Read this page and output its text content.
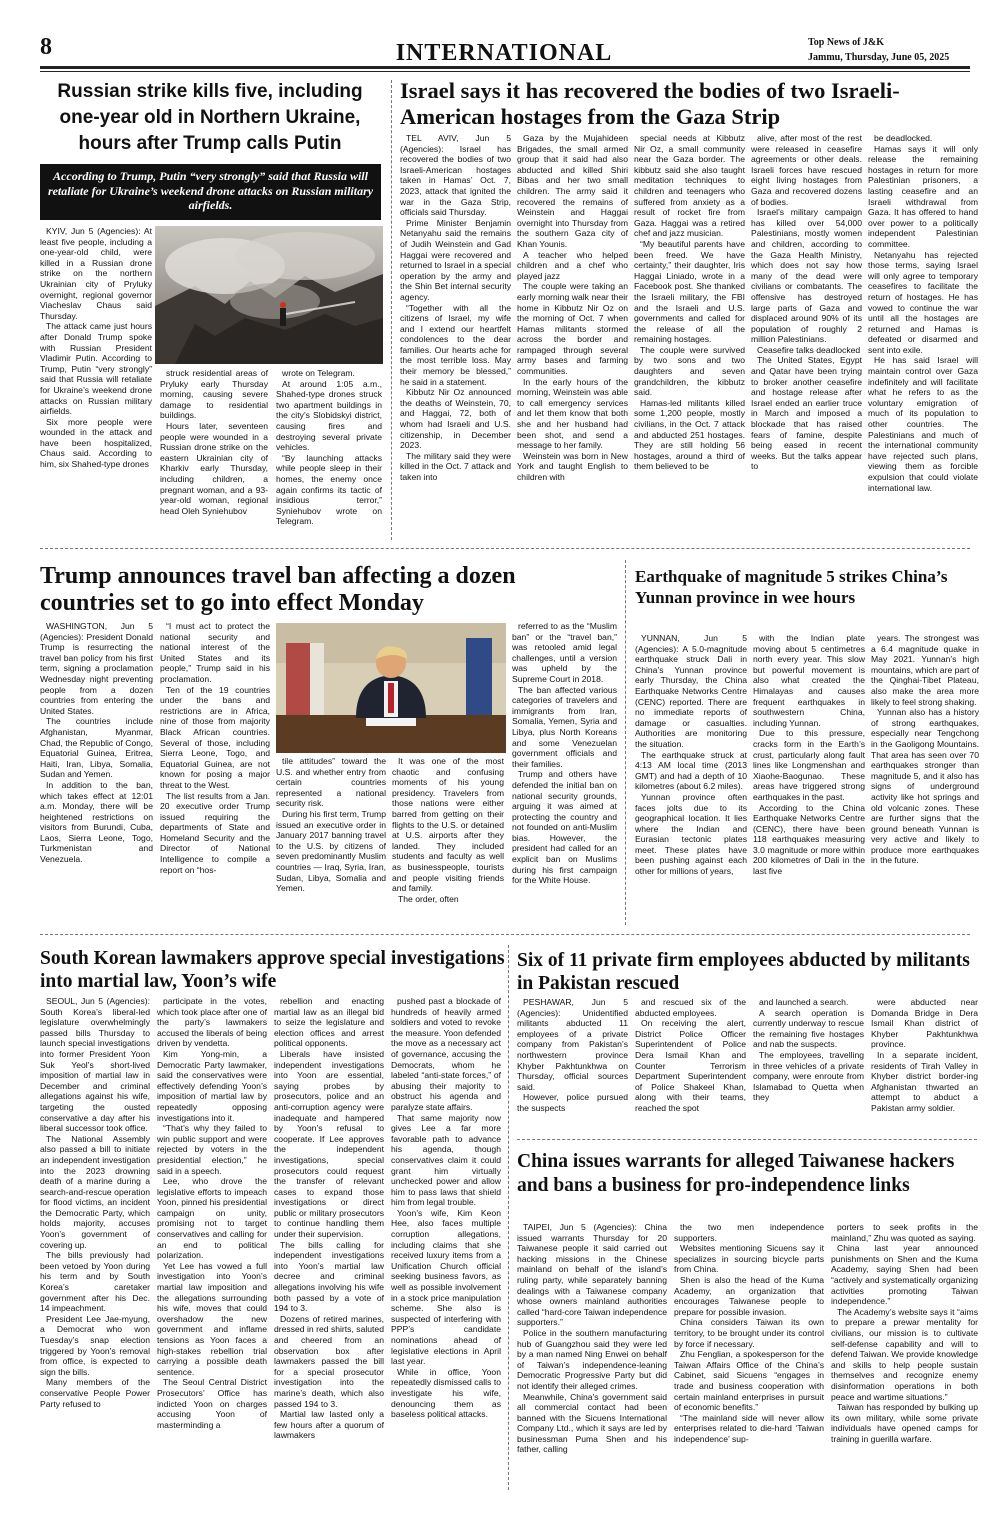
8	INTERNATIONAL	Top News of J&K
Jammu, Thursday, June 05, 2025
Russian strike kills five, including one-year old in Northern Ukraine, hours after Trump calls Putin
According to Trump, Putin “very strongly” said that Russia will retaliate for Ukraine’s weekend drone attacks on Russian military airfields.

KYIV, Jun 5 (Agencies): At least five people, including a one-year-old child, were killed in a Russian drone strike on the northern Ukrainian city of Pryluky overnight, regional governor Viacheslav Chaus said Thursday.

The attack came just hours after Donald Trump spoke with Russian President Vladimir Putin. According to Trump, Putin “very strongly” said that Russia will retaliate for Ukraine’s weekend drone attacks on Russian military airfields.

Six more people were wounded in the attack and have been hospitalized, Chaus said. According to him, six Shahed-type drones

struck residential areas of Pryluky early Thursday morning, causing severe damage to residential buildings.

Hours later, seventeen people were wounded in a Russian drone strike on the eastern Ukrainian city of Kharkiv early Thursday, including children, a pregnant woman, and a 93-year-old woman, regional head Oleh Syniehubov

wrote on Telegram.

At around 1:05 a.m., Shahed-type drones struck two apartment buildings in the city’s Slobidskyi district, causing fires and destroying several private vehicles.

“By launching attacks while people sleep in their homes, the enemy once again confirms its tactic of insidious terror,” Syniehubov wrote on Telegram.

Israel says it has recovered the bodies of two Israeli-American hostages from the Gaza Strip

TEL AVIV, Jun 5 (Agencies): Israel has recovered the bodies of two Israeli-American hostages taken in Hamas’ Oct. 7, 2023, attack that ignited the war in the Gaza Strip, officials said Thursday.

Prime Minister Benjamin Netanyahu said the remains of Judih Weinstein and Gad Haggai were recovered and returned to Israel in a special operation by the army and the Shin Bet internal security agency.

“Together with all the citizens of Israel, my wife and I extend our heartfelt condolences to the dear families. Our hearts ache for the most terrible loss. May their memory be blessed,” he said in a statement.

Kibbutz Nir Oz announced the deaths of Weinstein, 70, and Haggai, 72, both of whom had Israeli and U.S. citizenship, in December 2023.

The military said they were killed in the Oct. 7 attack and taken into

Gaza by the Mujahideen Brigades, the small armed group that it said had also abducted and killed Shiri Bibas and her two small children. The army said it recovered the remains of Weinstein and Haggai overnight into Thursday from the southern Gaza city of Khan Younis.

A teacher who helped children and a chef who played jazz

The couple were taking an early morning walk near their home in Kibbutz Nir Oz on the morning of Oct. 7 when Hamas militants stormed across the border and rampaged through several army bases and farming communities.

In the early hours of the morning, Weinstein was able to call emergency services and let them know that both she and her husband had been shot, and send a message to her family.

Weinstein was born in New York and taught English to children with

special needs at Kibbutz Nir Oz, a small community near the Gaza border. The kibbutz said she also taught meditation techniques to children and teenagers who suffered from anxiety as a result of rocket fire from Gaza. Haggai was a retired chef and jazz musician.

“My beautiful parents have been freed. We have certainty,” their daughter, Iris Haggai Liniado, wrote in a Facebook post. She thanked the Israeli military, the FBI and the Israeli and U.S. governments and called for the release of all the remaining hostages.

The couple were survived by two sons and two daughters and seven grandchildren, the kibbutz said.

Hamas-led militants killed some 1,200 people, mostly civilians, in the Oct. 7 attack and abducted 251 hostages. They are still holding 56 hostages, around a third of them believed to be

alive, after most of the rest were released in ceasefire agreements or other deals. Israeli forces have rescued eight living hostages from Gaza and recovered dozens of bodies.

Israel’s military campaign has killed over 54,000 Palestinians, mostly women and children, according to the Gaza Health Ministry, which does not say how many of the dead were civilians or combatants. The offensive has destroyed large parts of Gaza and displaced around 90% of its population of roughly 2 million Palestinians.

Ceasefire talks deadlocked

The United States, Egypt and Qatar have been trying to broker another ceasefire and hostage release after Israel ended an earlier truce in March and imposed a blockade that has raised fears of famine, despite being eased in recent weeks. But the talks appear to

be deadlocked.

Hamas says it will only release the remaining hostages in return for more Palestinian prisoners, a lasting ceasefire and an Israeli withdrawal from Gaza. It has offered to hand over power to a politically independent Palestinian committee.

Netanyahu has rejected those terms, saying Israel will only agree to temporary ceasefires to facilitate the return of hostages. He has vowed to continue the war until all the hostages are returned and Hamas is defeated or disarmed and sent into exile.

He has said Israel will maintain control over Gaza indefinitely and will facilitate what he refers to as the voluntary emigration of much of its population to other countries. The Palestinians and much of the international community have rejected such plans, viewing them as forcible expulsion that could violate international law.

Trump announces travel ban affecting a dozen countries set to go into effect Monday

WASHINGTON, Jun 5 (Agencies): President Donald Trump is resurrecting the travel ban policy from his first term, signing a proclamation Wednesday night preventing people from a dozen countries from entering the United States.

The countries include Afghanistan, Myanmar, Chad, the Republic of Congo, Equatorial Guinea, Eritrea, Haiti, Iran, Libya, Somalia, Sudan and Yemen.

In addition to the ban, which takes effect at 12:01 a.m. Monday, there will be heightened restrictions on visitors from Burundi, Cuba, Laos, Sierra Leone, Togo, Turkmenistan and Venezuela.

“I must act to protect the national security and national interest of the United States and its people,” Trump said in his proclamation.

Ten of the 19 countries under the bans and restrictions are in Africa, nine of those from majority Black African countries. Several of those, including Sierra Leone, Togo, and Equatorial Guinea, are not known for posing a major threat to the West.

The list results from a Jan. 20 executive order Trump issued requiring the departments of State and Homeland Security and the Director of National Intelligence to compile a report on “hos-

tile attitudes” toward the U.S. and whether entry from certain countries represented a national security risk.

During his first term, Trump issued an executive order in January 2017 banning travel to the U.S. by citizens of seven predominantly Muslim countries — Iraq, Syria, Iran, Sudan, Libya, Somalia and Yemen.

It was one of the most chaotic and confusing moments of his young presidency. Travelers from those nations were either barred from getting on their flights to the U.S. or detained at U.S. airports after they landed. They included students and faculty as well as businesspeople, tourists and people visiting friends and family.

The order, often

referred to as the “Muslim ban” or the “travel ban,” was retooled amid legal challenges, until a version was upheld by the Supreme Court in 2018.

The ban affected various categories of travelers and immigrants from Iran, Somalia, Yemen, Syria and Libya, plus North Koreans and some Venezuelan government officials and their families.

Trump and others have defended the initial ban on national security grounds, arguing it was aimed at protecting the country and not founded on anti-Muslim bias. However, the president had called for an explicit ban on Muslims during his first campaign for the White House.

Earthquake of magnitude 5 strikes China’s Yunnan province in wee hours

YUNNAN, Jun 5 (Agencies): A 5.0-magnitude earthquake struck Dali in China’s Yunnan province early Thursday, the China Earthquake Networks Centre (CENC) reported. There are no immediate reports of damage or casualties. Authorities are monitoring the situation.

The earthquake struck at 4:13 AM local time (2013 GMT) and had a depth of 10 kilometres (about 6.2 miles).

Yunnan province often faces jolts due to its geographical location. It lies where the Indian and Eurasian tectonic plates meet. These plates have been pushing against each other for millions of years,

with the Indian plate moving about 5 centimetres north every year. This slow but powerful movement is also what created the Himalayas and causes frequent earthquakes in southwestern China, including Yunnan.

Due to this pressure, cracks form in the Earth’s crust, particularly along fault lines like Longmenshan and Xiaohe-Baogunao. These areas have triggered strong earthquakes in the past.

According to the China Earthquake Networks Centre (CENC), there have been 118 earthquakes measuring 3.0 magnitude or more within 200 kilometres of Dali in the last five

years. The strongest was a 6.4 magnitude quake in May 2021. Yunnan’s high mountains, which are part of the Qinghai-Tibet Plateau, also make the area more likely to feel strong shaking.

Yunnan also has a history of strong earthquakes, especially near Tengchong in the Gaoligong Mountains. That area has seen over 70 earthquakes stronger than magnitude 5, and it also has signs of underground activity like hot springs and old volcanic zones. These are further signs that the ground beneath Yunnan is very active and likely to produce more earthquakes in the future.

South Korean lawmakers approve special investigations into martial law, Yoon’s wife

SEOUL, Jun 5 (Agencies): South Korea’s liberal-led legislature overwhelmingly passed bills Thursday to launch special investigations into former President Yoon Suk Yeol’s short-lived imposition of martial law in December and criminal allegations against his wife, targeting the ousted conservative a day after his liberal successor took office.

The National Assembly also passed a bill to initiate an independent investigation into the 2023 drowning death of a marine during a search-and-rescue operation for flood victims, an incident the Democratic Party, which holds majority, accuses Yoon’s government of covering up.

The bills previously had been vetoed by Yoon during his term and by South Korea’s caretaker government after his Dec. 14 impeachment.

President Lee Jae-myung, a Democrat who won Tuesday’s snap election triggered by Yoon’s removal from office, is expected to sign the bills.

Many members of the conservative People Power Party refused to

participate in the votes, which took place after one of the party’s lawmakers accused the liberals of being driven by vendetta.

Kim Yong-min, a Democratic Party lawmaker, said the conservatives were effectively defending Yoon’s imposition of martial law by repeatedly opposing investigations into it.

“That’s why they failed to win public support and were rejected by voters in the presidential election,” he said in a speech.

Lee, who drove the legislative efforts to impeach Yoon, pinned his presidential campaign on unity, promising not to target conservatives and calling for an end to political polarization.

Yet Lee has vowed a full investigation into Yoon’s martial law imposition and the allegations surrounding his wife, moves that could overshadow the new government and inflame tensions as Yoon faces a high-stakes rebellion trial carrying a possible death sentence.

The Seoul Central District Prosecutors’ Office has indicted Yoon on charges accusing Yoon of masterminding a

rebellion and enacting martial law as an illegal bid to seize the legislature and election offices and arrest political opponents.

Liberals have insisted independent investigations into Yoon are essential, saying probes by prosecutors, police and an anti-corruption agency were inadequate and hampered by Yoon’s refusal to cooperate. If Lee approves the independent investigations, special prosecutors could request the transfer of relevant cases to expand those investigations or direct public or military prosecutors to continue handling them under their supervision.

The bills calling for independent investigations into Yoon’s martial law decree and criminal allegations involving his wife both passed by a vote of 194 to 3.

Dozens of retired marines, dressed in red shirts, saluted and cheered from an observation box after lawmakers passed the bill for a special prosecutor investigation into the marine’s death, which also passed 194 to 3.

Martial law lasted only a few hours after a quorum of lawmakers

pushed past a blockade of hundreds of heavily armed soldiers and voted to revoke the measure. Yoon defended the move as a necessary act of governance, accusing the Democrats, whom he labeled “anti-state forces,” of abusing their majority to obstruct his agenda and paralyze state affairs.

That same majority now gives Lee a far more favorable path to advance his agenda, though conservatives claim it could grant him virtually unchecked power and allow him to pass laws that shield him from legal trouble.

Yoon’s wife, Kim Keon Hee, also faces multiple corruption allegations, including claims that she received luxury items from a Unification Church official seeking business favors, as well as possible involvement in a stock price manipulation scheme. She also is suspected of interfering with PPP’s candidate nominations ahead of legislative elections in April last year.

While in office, Yoon repeatedly dismissed calls to investigate his wife, denouncing them as baseless political attacks.

Six of 11 private firm employees abducted by militants in Pakistan rescued

PESHAWAR, Jun 5 (Agencies): Unidentified militants abducted 11 employees of a private company from Pakistan’s northwestern province Khyber Pakhtunkhwa on Thursday, official sources said.

However, police pursued the suspects

and rescued six of the abducted employees.

On receiving the alert, District Police Officer Superintendent of Police Dera Ismail Khan and Counter Terrorism Department Superintendent of Police Shakeel Khan, along with their teams, reached the spot

and launched a search.

A search operation is currently underway to rescue the remaining five hostages and nab the suspects.

The employees, travelling in three vehicles of a private company, were enroute from Islamabad to Quetta when they

were abducted near Domanda Bridge in Dera Ismail Khan district of Khyber Pakhtunkhwa province.

In a separate incident, residents of Tirah Valley in Khyber district border-ing Afghanistan thwarted an attempt to abduct a Pakistan army soldier.

China issues warrants for alleged Taiwanese hackers and bans a business for pro-independence links

TAIPEI, Jun 5 (Agencies): China issued warrants Thursday for 20 Taiwanese people it said carried out hacking missions in the Chinese mainland on behalf of the island’s ruling party, while separately banning dealings with a Taiwanese company whose owners mainland authorities called “hard-core Taiwan independence supporters.”

Police in the southern manufacturing hub of Guangzhou said they were led by a man named Ning Enwei on behalf of Taiwan’s independence-leaning Democratic Progressive Party but did not identify their alleged crimes.

Meanwhile, China’s government said all commercial contact had been banned with the Sicuens International Company Ltd., which it says are led by businessman Puma Shen and his father, calling

the two men independence supporters.

Websites mentioning Sicuens say it specializes in sourcing bicycle parts from China.

Shen is also the head of the Kuma Academy, an organization that encourages Taiwanese people to prepare for possible invasion.

China considers Taiwan its own territory, to be brought under its control by force if necessary.

Zhu Fenglian, a spokesperson for the Taiwan Affairs Office of the China’s Cabinet, said Sicuens “engages in trade and business cooperation with certain mainland enterprises in pursuit of economic benefits.”

“The mainland side will never allow enterprises related to die-hard ‘Taiwan independence’ sup-

porters to seek profits in the mainland,” Zhu was quoted as saying.

China last year announced punishments on Shen and the Kuma Academy, saying Shen had been “actively and systematically organizing activities promoting Taiwan independence.”

The Academy’s website says it “aims to prepare a prewar mentality for civilians, our mission is to cultivate self-defense capability and will to defend Taiwan. We provide knowledge and skills to help people sustain themselves and recognize enemy disinformation operations in both peace and wartime situations.”

Taiwan has responded by bulking up its own military, while some private individuals have opened camps for training in guerilla warfare.
